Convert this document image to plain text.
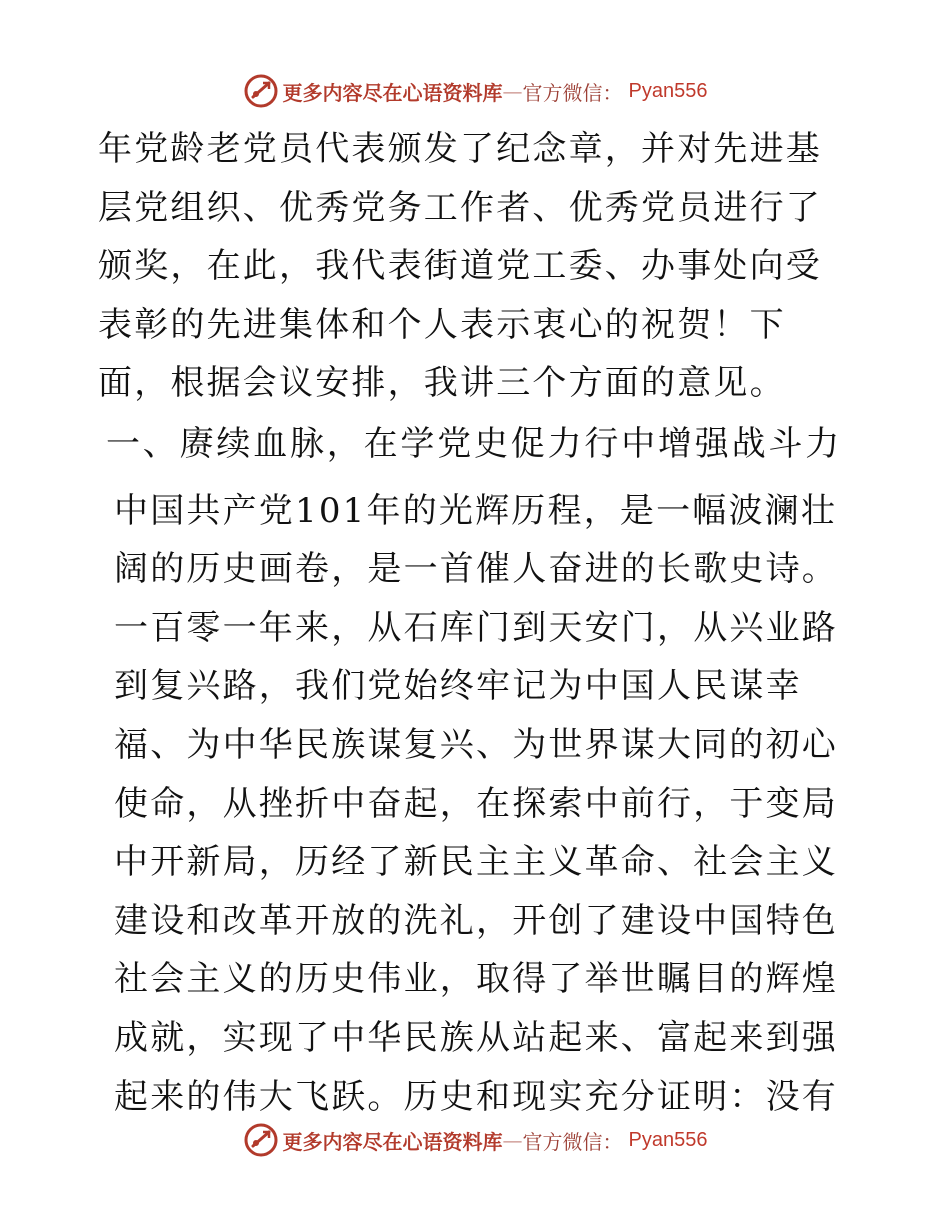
更多内容尽在心语资料库 — 官方微信： Pyan556

年党龄老党员代表颁发了纪念章，并对先进基层党组织、优秀党务工作者、优秀党员进行了颁奖，在此，我代表街道党工委、办事处向受表彰的先进集体和个人表示衷心的祝贺！下面，根据会议安排，我讲三个方面的意见。

一、赓续血脉，在学党史促力行中增强战斗力

中国共产党101年的光辉历程，是一幅波澜壮阔的历史画卷，是一首催人奋进的长歌史诗。一百零一年来，从石库门到天安门，从兴业路到复兴路，我们党始终牢记为中国人民谋幸福、为中华民族谋复兴、为世界谋大同的初心使命，从挫折中奋起，在探索中前行，于变局中开新局，历经了新民主主义革命、社会主义建设和改革开放的洗礼，开创了建设中国特色社会主义的历史伟业，取得了举世瞩目的辉煌成就，实现了中华民族从站起来、富起来到强起来的伟大飞跃。历史和现实充分证明：没有

更多内容尽在心语资料库 — 官方微信： Pyan556
